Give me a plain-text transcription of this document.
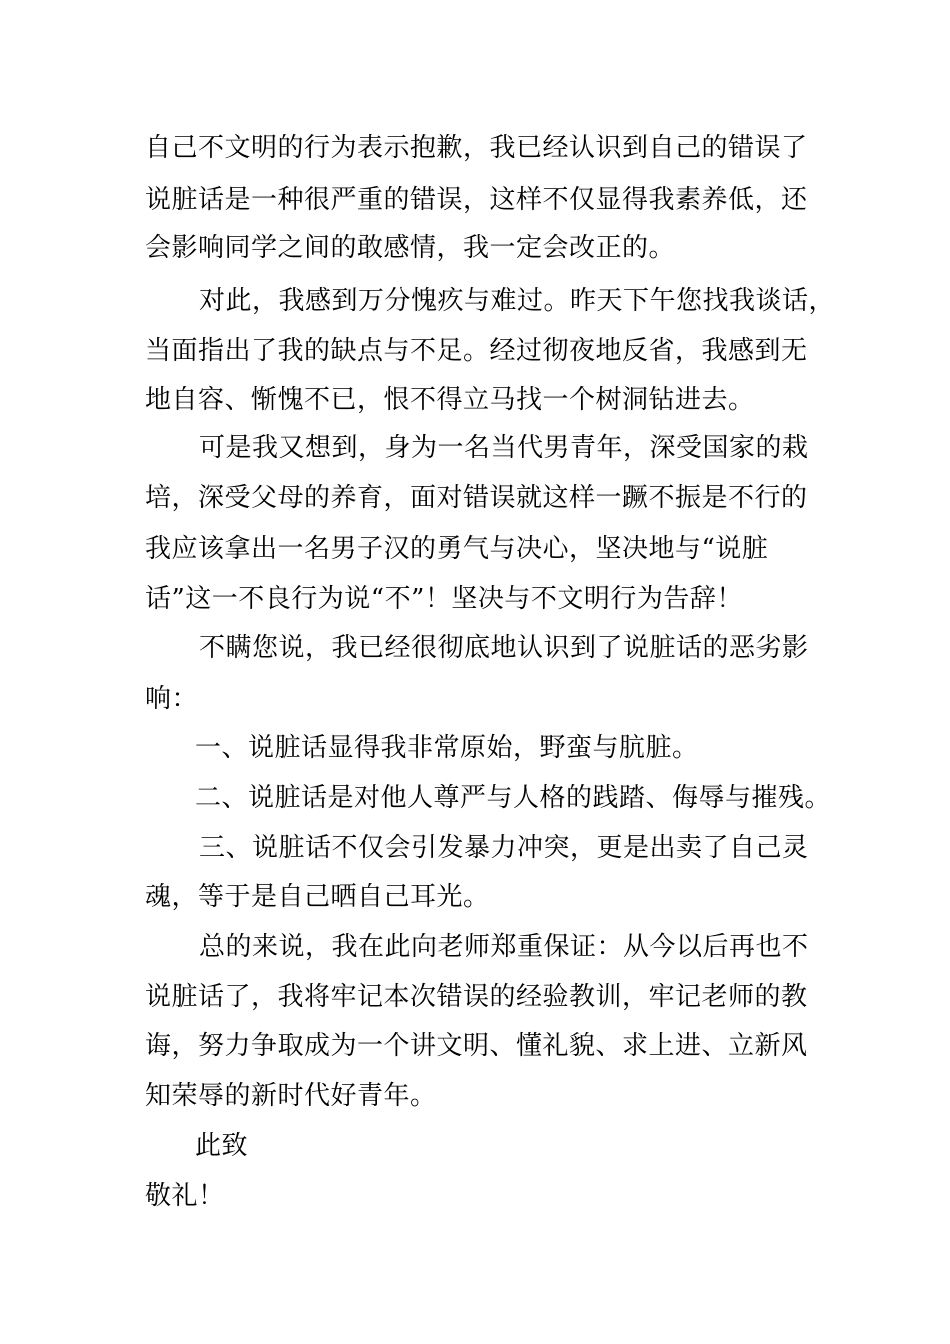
自己不文明的行为表示抱歉，我已经认识到自己的错误了
说脏话是一种很严重的错误，这样不仅显得我素养低，还
会影响同学之间的敢感情，我一定会改正的。
对此，我感到万分愧疚与难过。昨天下午您找我谈话，
当面指出了我的缺点与不足。经过彻夜地反省，我感到无
地自容、惭愧不已，恨不得立马找一个树洞钻进去。
可是我又想到，身为一名当代男青年，深受国家的栽
培，深受父母的养育，面对错误就这样一蹶不振是不行的
我应该拿出一名男子汉的勇气与决心，坚决地与“说脏
话”这一不良行为说“不”！坚决与不文明行为告辞！
不瞒您说，我已经很彻底地认识到了说脏话的恶劣影
响：
一、说脏话显得我非常原始，野蛮与肮脏。
二、说脏话是对他人尊严与人格的践踏、侮辱与摧残。
三、说脏话不仅会引发暴力冲突，更是出卖了自己灵
魂，等于是自己晒自己耳光。
总的来说，我在此向老师郑重保证：从今以后再也不
说脏话了，我将牢记本次错误的经验教训，牢记老师的教
诲，努力争取成为一个讲文明、懂礼貌、求上进、立新风
知荣辱的新时代好青年。
此致
敬礼！
